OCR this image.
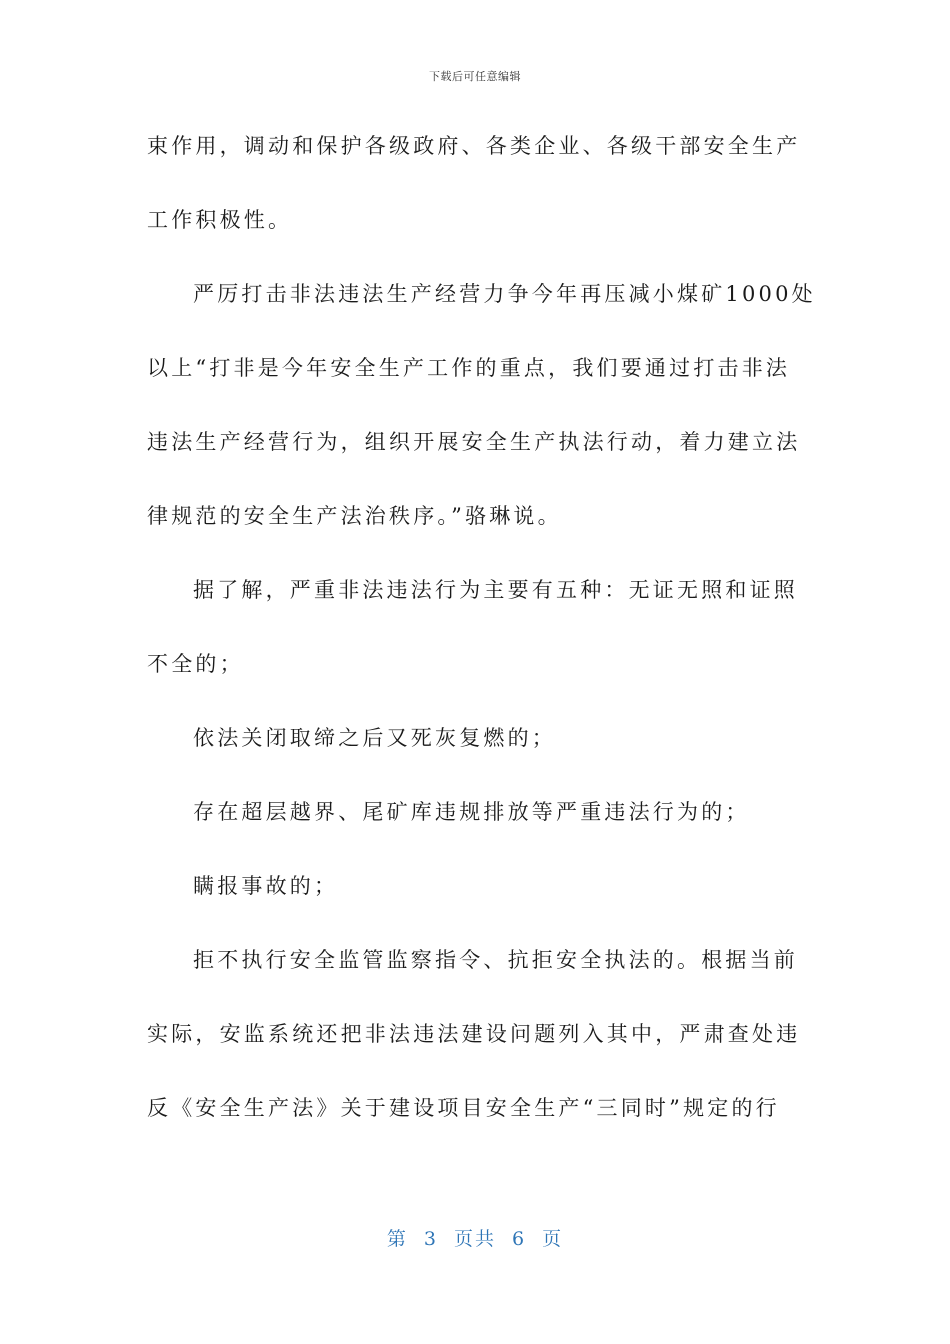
下载后可任意编辑
束作用，调动和保护各级政府、各类企业、各级干部安全生产
工作积极性。
严厉打击非法违法生产经营力争今年再压减小煤矿1000处
以上“打非是今年安全生产工作的重点，我们要通过打击非法
违法生产经营行为，组织开展安全生产执法行动，着力建立法
律规范的安全生产法治秩序。”骆琳说。
据了解，严重非法违法行为主要有五种：无证无照和证照
不全的；
依法关闭取缔之后又死灰复燃的；
存在超层越界、尾矿库违规排放等严重违法行为的；
瞒报事故的；
拒不执行安全监管监察指令、抗拒安全执法的。根据当前
实际，安监系统还把非法违法建设问题列入其中，严肃查处违
反《安全生产法》关于建设项目安全生产“三同时”规定的行
第 3 页共 6 页
